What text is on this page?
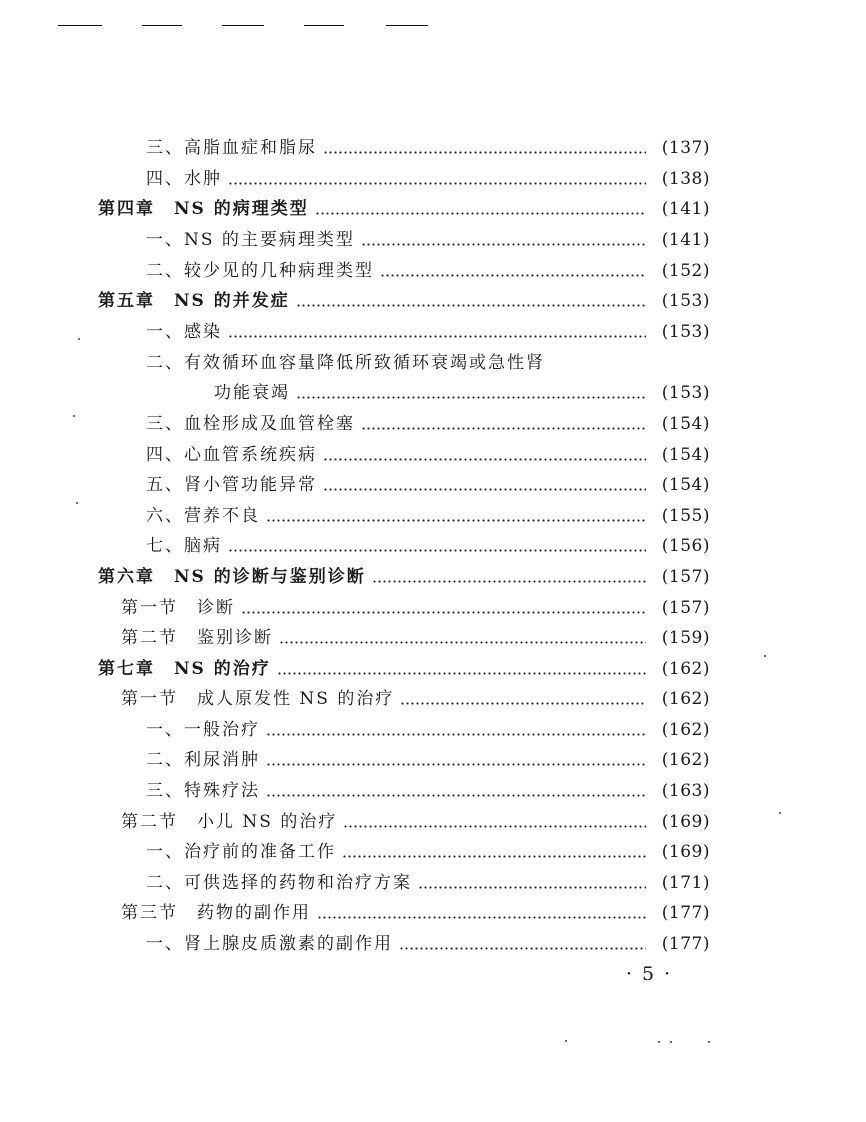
三、高脂血症和脂尿	(137)
四、水肿	(138)
第四章　NS 的病理类型	(141)
一、NS 的主要病理类型	(141)
二、较少见的几种病理类型	(152)
第五章　NS 的并发症	(153)
一、感染	(153)
二、有效循环血容量降低所致循环衰竭或急性肾
功能衰竭	(153)
三、血栓形成及血管栓塞	(154)
四、心血管系统疾病	(154)
五、肾小管功能异常	(154)
六、营养不良	(155)
七、脑病	(156)
第六章　NS 的诊断与鉴别诊断	(157)
第一节　诊断	(157)
第二节　鉴别诊断	(159)
第七章　NS 的治疗	(162)
第一节　成人原发性 NS 的治疗	(162)
一、一般治疗	(162)
二、利尿消肿	(162)
三、特殊疗法	(163)
第二节　小儿 NS 的治疗	(169)
一、治疗前的准备工作	(169)
二、可供选择的药物和治疗方案	(171)
第三节　药物的副作用	(177)
一、肾上腺皮质激素的副作用	(177)
· 5 ·
